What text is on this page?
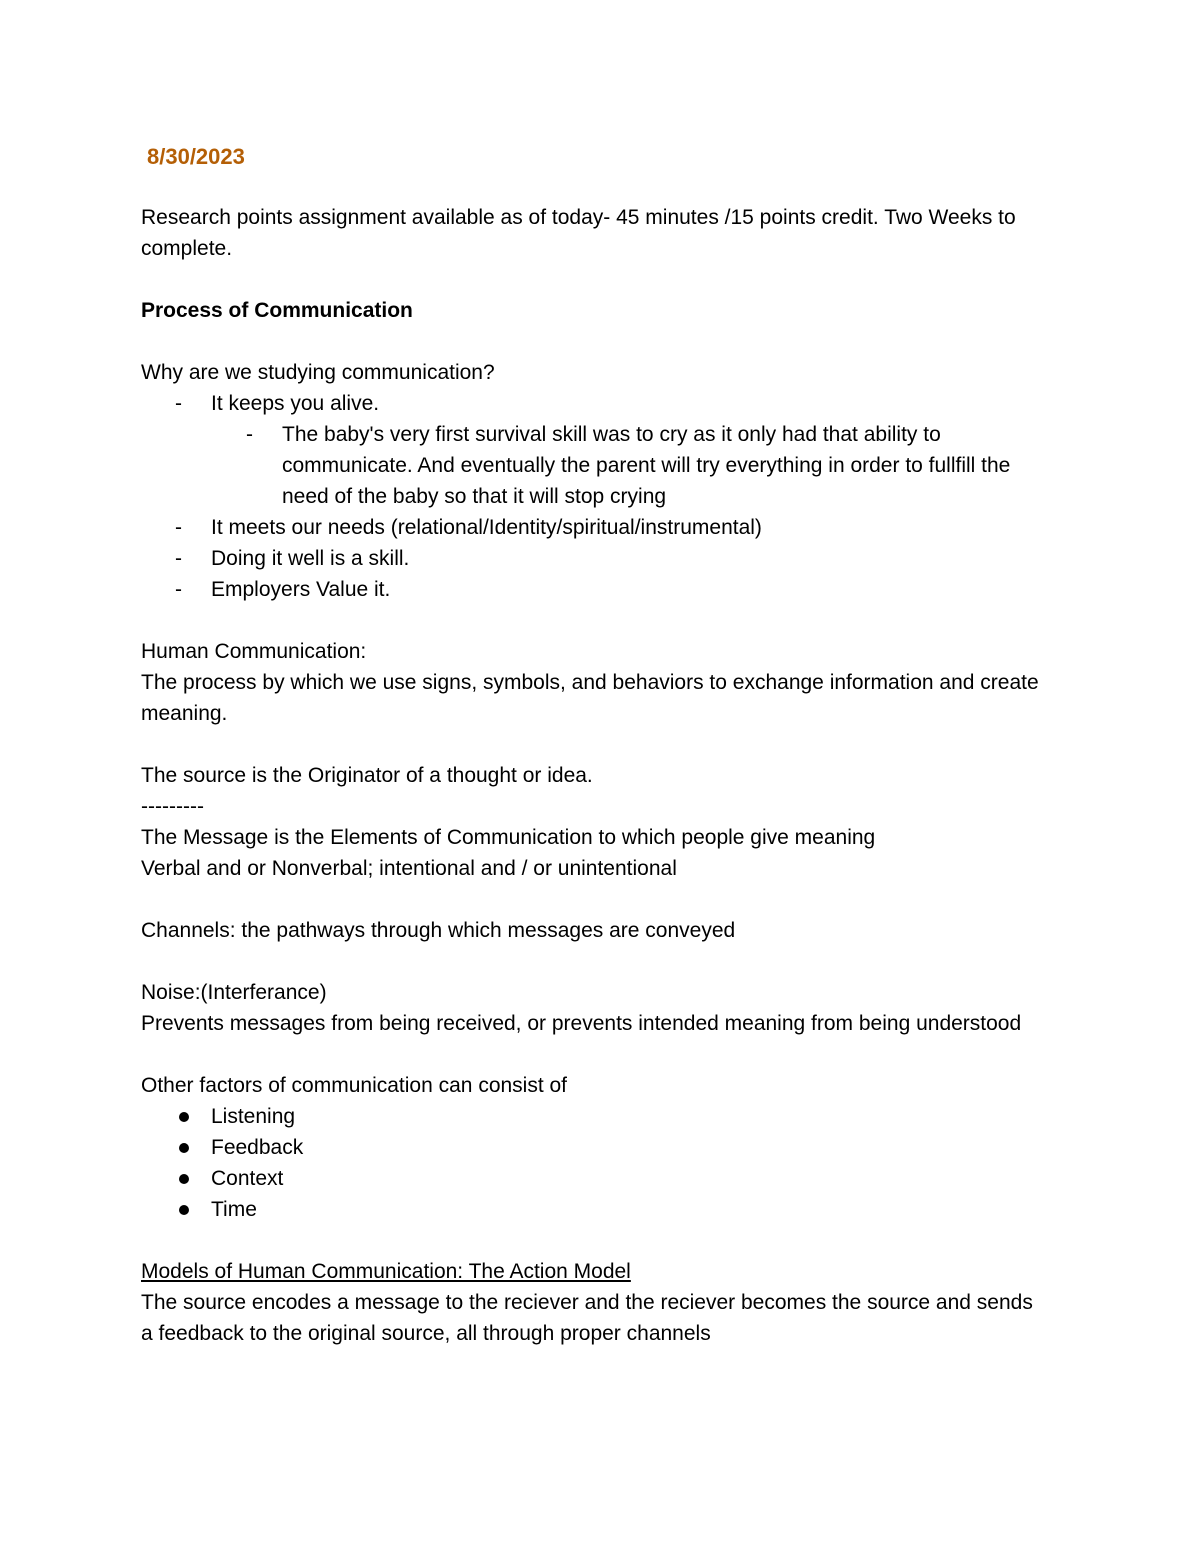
8/30/2023

Research points assignment available as of today- 45 minutes /15 points credit. Two Weeks to complete.

Process of Communication

Why are we studying communication?

- It keeps you alive.
- The baby's very first survival skill was to cry as it only had that ability to communicate. And eventually the parent will try everything in order to fullfill the need of the baby so that it will stop crying
- It meets our needs (relational/Identity/spiritual/instrumental)
- Doing it well is a skill.
- Employers Value it.

Human Communication:

The process by which we use signs, symbols, and behaviors to exchange information and create meaning.

The source is the Originator of a thought or idea.

---------

The Message is the Elements of Communication to which people give meaning

Verbal and or Nonverbal; intentional and / or unintentional

Channels: the pathways through which messages are conveyed

Noise:(Interferance)

Prevents messages from being received, or prevents intended meaning from being understood

Other factors of communication can consist of

Listening
Feedback
Context
Time

Models of Human Communication: The Action Model

The source encodes a message to the reciever and the reciever becomes the source and sends a feedback to the original source, all through proper channels
